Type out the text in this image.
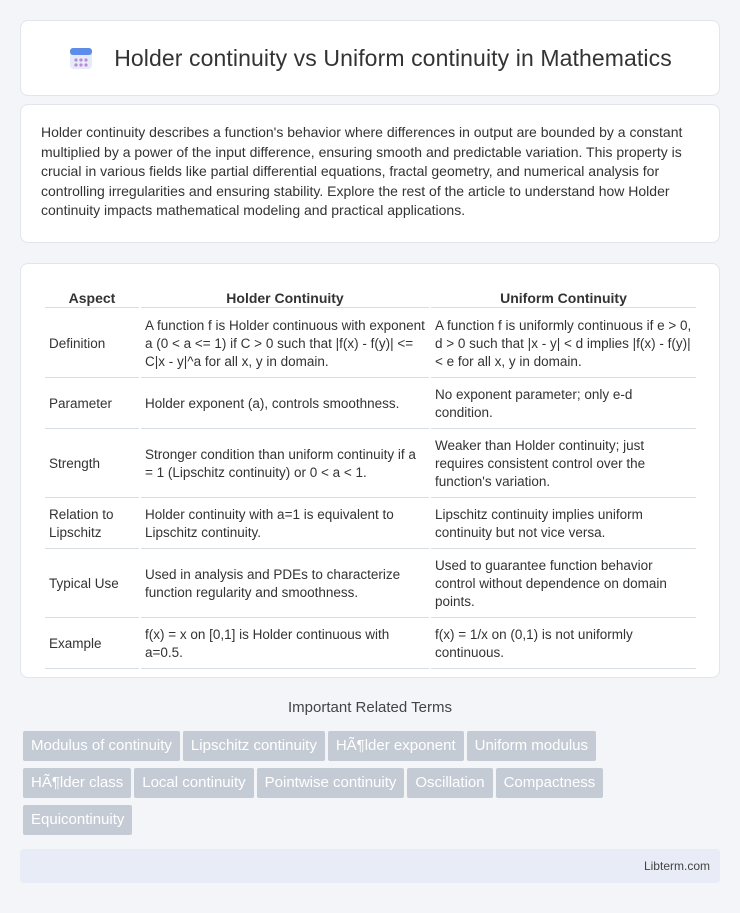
Holder continuity vs Uniform continuity in Mathematics

Holder continuity describes a function's behavior where differences in output are bounded by a constant multiplied by a power of the input difference, ensuring smooth and predictable variation. This property is crucial in various fields like partial differential equations, fractal geometry, and numerical analysis for controlling irregularities and ensuring stability. Explore the rest of the article to understand how Holder continuity impacts mathematical modeling and practical applications.

Aspect	Holder Continuity	Uniform Continuity
Definition	A function f is Holder continuous with exponent a (0 < a <= 1) if C > 0 such that |f(x) - f(y)| <= C|x - y|^a for all x, y in domain.	A function f is uniformly continuous if e > 0, d > 0 such that |x - y| < d implies |f(x) - f(y)| < e for all x, y in domain.
Parameter	Holder exponent (a), controls smoothness.	No exponent parameter; only e-d condition.
Strength	Stronger condition than uniform continuity if a = 1 (Lipschitz continuity) or 0 < a < 1.	Weaker than Holder continuity; just requires consistent control over the function's variation.
Relation to Lipschitz	Holder continuity with a=1 is equivalent to Lipschitz continuity.	Lipschitz continuity implies uniform continuity but not vice versa.
Typical Use	Used in analysis and PDEs to characterize function regularity and smoothness.	Used to guarantee function behavior control without dependence on domain points.
Example	f(x) = x on [0,1] is Holder continuous with a=0.5.	f(x) = 1/x on (0,1) is not uniformly continuous.
Important Related Terms
Modulus of continuity Lipschitz continuity HÃ¶lder exponent Uniform modulus
HÃ¶lder class Local continuity Pointwise continuity Oscillation Compactness
Equicontinuity
Libterm.com
